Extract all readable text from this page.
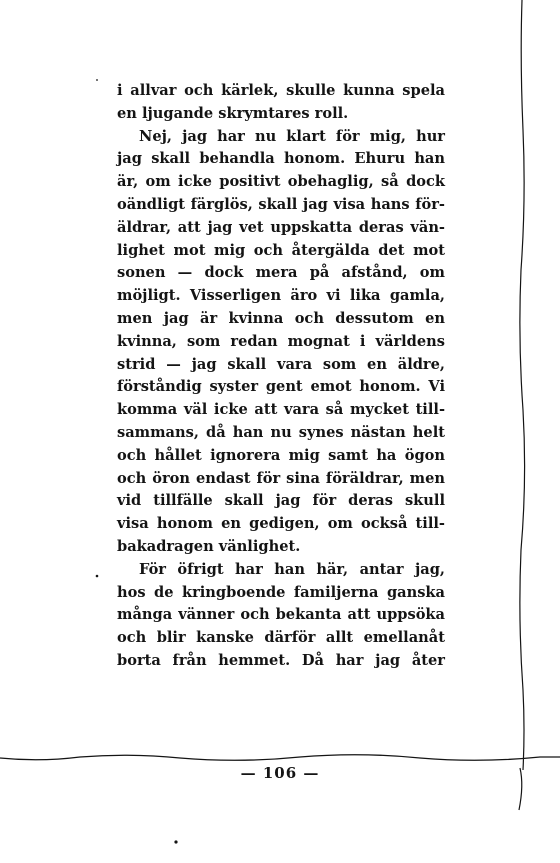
i allvar och kärlek, skulle kunna spela
en ljugande skrymtares roll.
Nej, jag har nu klart för mig, hur
jag skall behandla honom. Ehuru han
är, om icke positivt obehaglig, så dock
oändligt färglös, skall jag visa hans för-
äldrar, att jag vet uppskatta deras vän-
lighet mot mig och återgälda det mot
sonen — dock mera på afstånd, om
möjligt. Visserligen äro vi lika gamla,
men jag är kvinna och dessutom en
kvinna, som redan mognat i världens
strid — jag skall vara som en äldre,
förståndig syster gent emot honom. Vi
komma väl icke att vara så mycket till-
sammans, då han nu synes nästan helt
och hållet ignorera mig samt ha ögon
och öron endast för sina föräldrar, men
vid tillfälle skall jag för deras skull
visa honom en gedigen, om också till-
bakadragen vänlighet.
För öfrigt har han här, antar jag,
hos de kringboende familjerna ganska
många vänner och bekanta att uppsöka
och blir kanske därför allt emellanåt
borta från hemmet. Då har jag åter
— 106 —
